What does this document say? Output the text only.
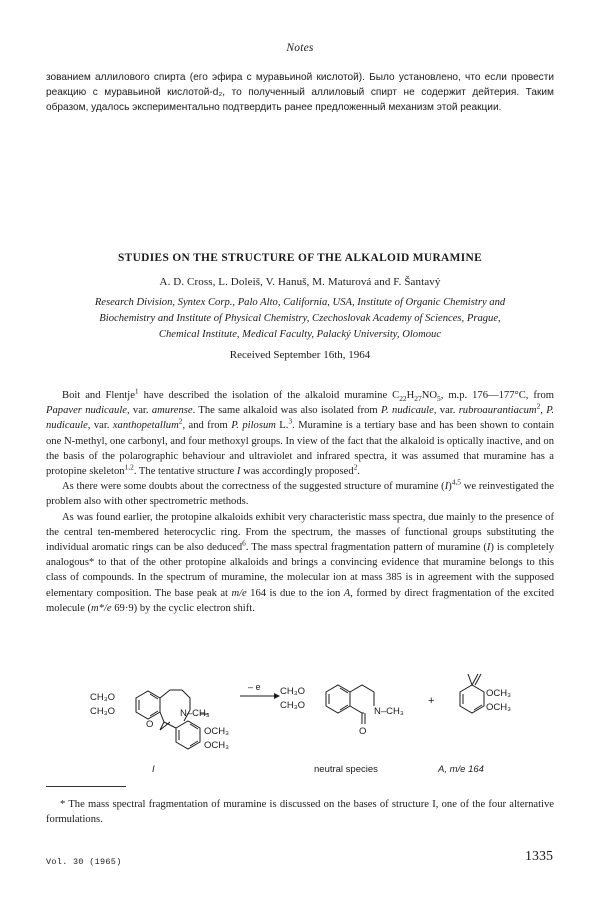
Notes

зованием аллилового спирта (его эфира с муравьиной кислотой). Было установлено, что если провести реакцию с муравьиной кислотой-d₂, то полученный аллиловый спирт не содержит дейтерия. Таким образом, удалось экспериментально подтвердить ранее предложенный механизм этой реакции.

STUDIES ON THE STRUCTURE OF THE ALKALOID MURAMINE
A. D. Cross, L. Doleiš, V. Hanuš, M. Maturová and F. Šantavý

Research Division, Syntex Corp., Palo Alto, California, USA, Institute of Organic Chemistry and
Biochemistry and Institute of Physical Chemistry, Czechoslovak Academy of Sciences, Prague,
Chemical Institute, Medical Faculty, Palacký University, Olomouc

Received September 16th, 1964

Boit and Flentje$^1$ have described the isolation of the alkaloid muramine $C_{22}H_{27}NO_5$, m.p. 176—177°C, from Papaver nudicaule, var. amurense. The same alkaloid was also isolated from P. nudicaule, var. rubroaurantiacum$^2$, P. nudicaule, var. xanthopetallum$^2$, and from P. pilosum L.$^3$. Muramine is a tertiary base and has been shown to contain one N-methyl, one carbonyl, and four methoxyl groups. In view of the fact that the alkaloid is optically inactive, and on the basis of the polarographic behaviour and ultraviolet and infrared spectra, it was assumed that muramine has a protopine skeleton$^{1,2}$. The tentative structure I was accordingly proposed$^2$.

As there were some doubts about the correctness of the suggested structure of muramine $(I)^{4,5}$ we reinvestigated the problem also with other spectrometric methods.

As was found earlier, the protopine alkaloids exhibit very characteristic mass spectra, due mainly to the presence of the central ten-membered heterocyclic ring. From the spectrum, the masses of functional groups substituting the individual aromatic rings can be also deduced$^6$. The mass spectral fragmentation pattern of muramine (I) is completely analogous* to that of the other protopine alkaloids and brings a convincing evidence that muramine belongs to this class of compounds. In the spectrum of muramine, the molecular ion at mass 385 is in agreement with the supposed elementary composition. The base peak at m/e 164 is due to the ion A, formed by direct fragmentation of the excited molecule (m*/e 69·9) by the cyclic electron shift.

CH₃O
CH₃O	N–CH₃
O
OCH₃
OCH₃
I
– e CH₃O
CH₃O
N–CH₃
O
neutral species
+
OCH₃
OCH₃
A, m/e 164

* The mass spectral fragmentation of muramine is discussed on the bases of structure I, one of the four alternative formulations.

Vol. 30 (1965)	1335
